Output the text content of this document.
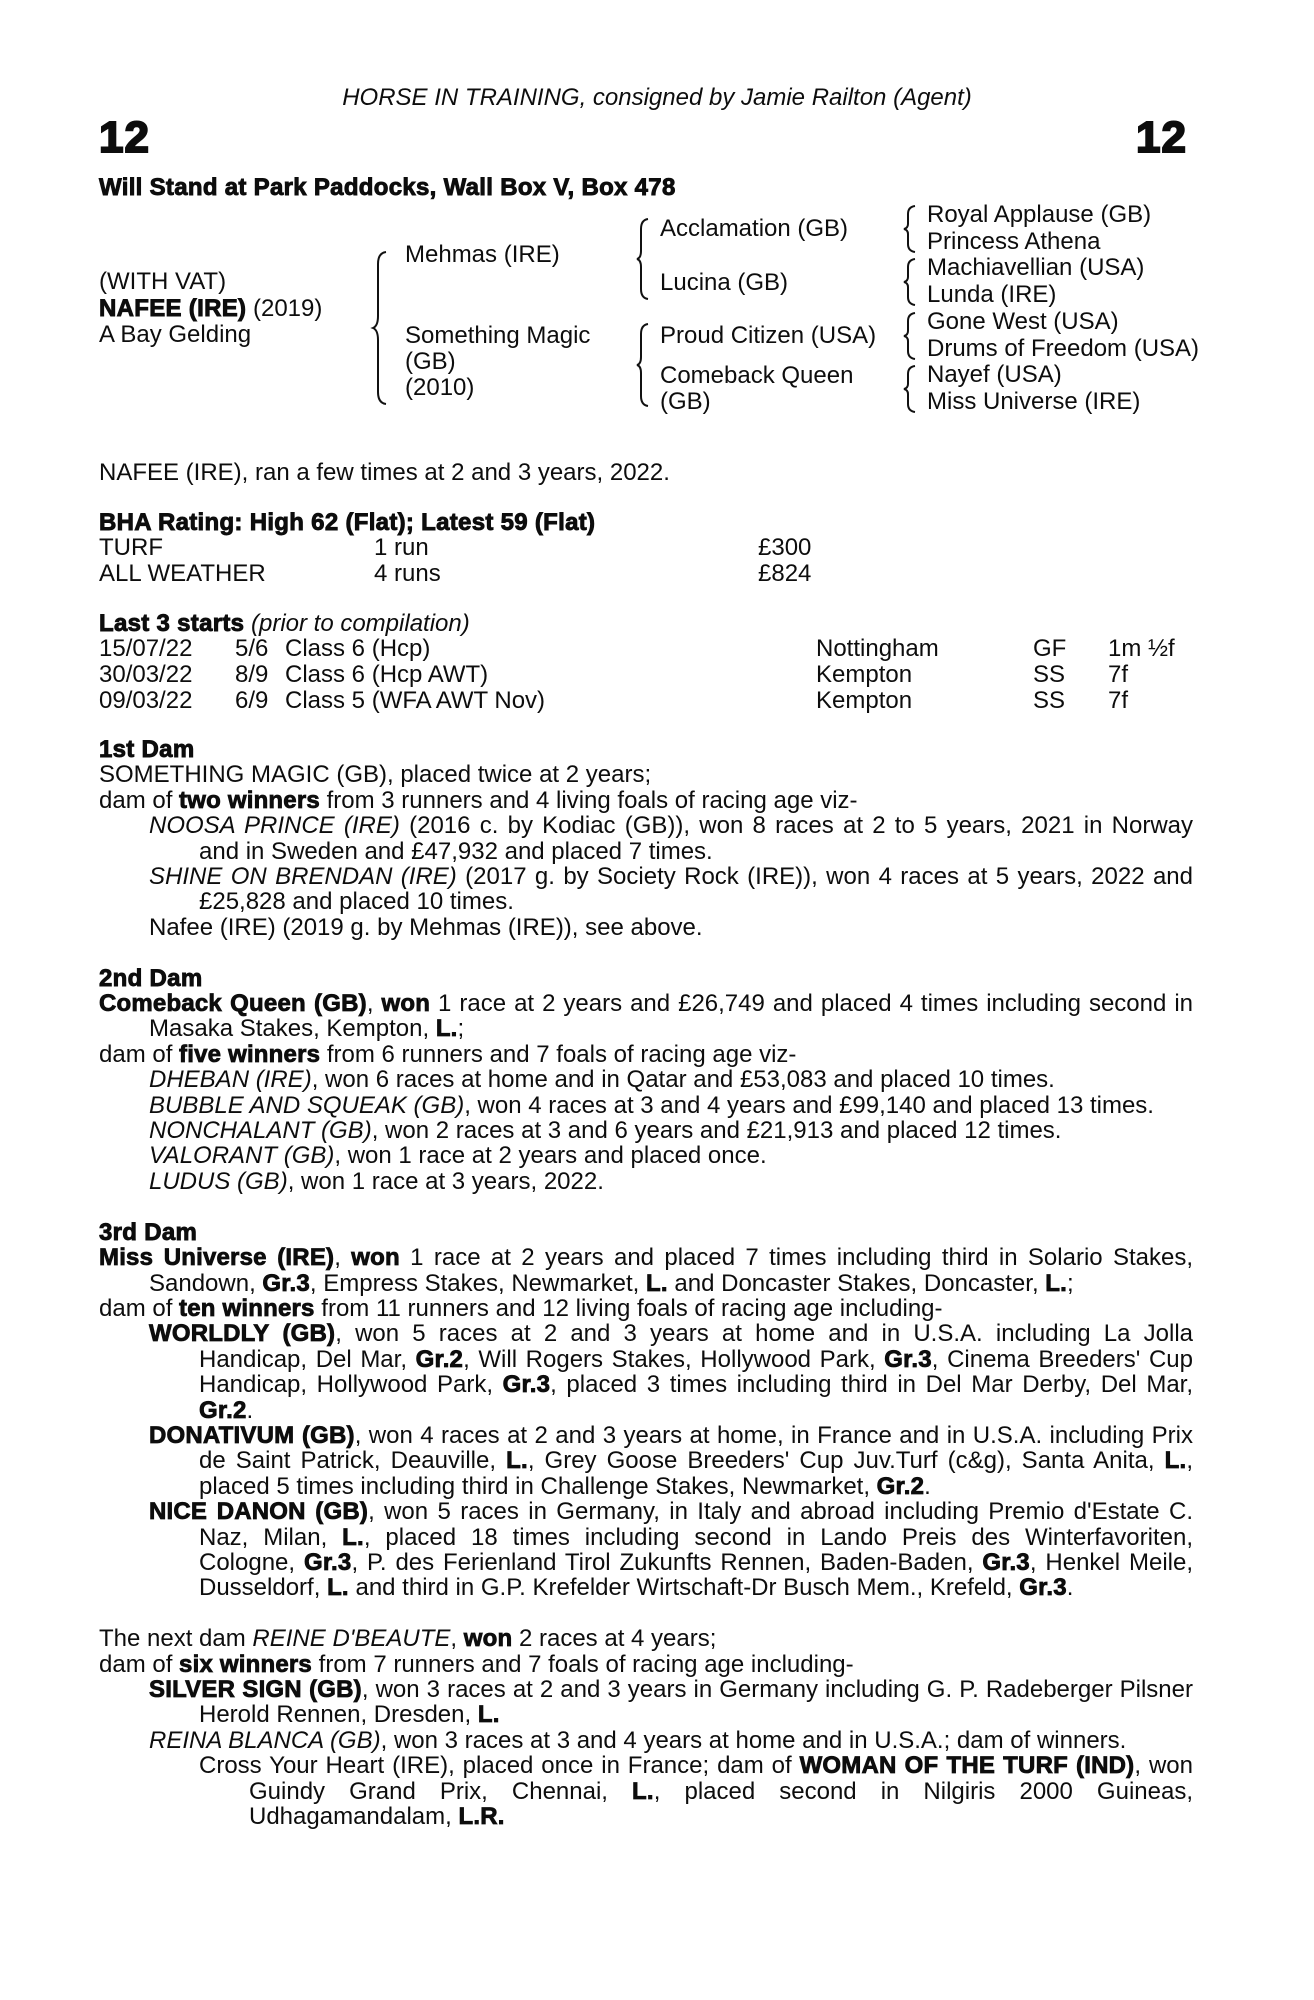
HORSE IN TRAINING, consigned by Jamie Railton (Agent)
12	12
Will Stand at Park Paddocks, Wall Box V, Box 478
(WITH VAT)
NAFEE (IRE) (2019)
A Bay Gelding
Mehmas (IRE)
Something Magic
(GB)
(2010)
Acclamation (GB)
Lucina (GB)
Proud Citizen (USA)
Comeback Queen
(GB)
Royal Applause (GB)
Princess Athena
Machiavellian (USA)
Lunda (IRE)
Gone West (USA)
Drums of Freedom (USA)
Nayef (USA)
Miss Universe (IRE)
NAFEE (IRE), ran a few times at 2 and 3 years, 2022.
BHA Rating: High 62 (Flat); Latest 59 (Flat)
TURF	1 run	£300
ALL WEATHER	4 runs	£824
Last 3 starts (prior to compilation)
15/07/22 5/6 Class 6 (Hcp)	Nottingham	GF 1m ½f
30/03/22 8/9 Class 6 (Hcp AWT)	Kempton	SS 7f
09/03/22 6/9 Class 5 (WFA AWT Nov)	Kempton	SS 7f
1st Dam

SOMETHING MAGIC (GB), placed twice at 2 years;

dam of two winners from 3 runners and 4 living foals of racing age viz-

NOOSA PRINCE (IRE) (2016 c. by Kodiac (GB)), won 8 races at 2 to 5 years, 2021 in Norway and in Sweden and £47,932 and placed 7 times.

SHINE ON BRENDAN (IRE) (2017 g. by Society Rock (IRE)), won 4 races at 5 years, 2022 and £25,828 and placed 10 times.

Nafee (IRE) (2019 g. by Mehmas (IRE)), see above.

2nd Dam

Comeback Queen (GB), won 1 race at 2 years and £26,749 and placed 4 times including second in Masaka Stakes, Kempton, L.;

dam of five winners from 6 runners and 7 foals of racing age viz-

DHEBAN (IRE), won 6 races at home and in Qatar and £53,083 and placed 10 times.

BUBBLE AND SQUEAK (GB), won 4 races at 3 and 4 years and £99,140 and placed 13 times.

NONCHALANT (GB), won 2 races at 3 and 6 years and £21,913 and placed 12 times.

VALORANT (GB), won 1 race at 2 years and placed once.

LUDUS (GB), won 1 race at 3 years, 2022.

3rd Dam

Miss Universe (IRE), won 1 race at 2 years and placed 7 times including third in Solario Stakes, Sandown, Gr.3, Empress Stakes, Newmarket, L. and Doncaster Stakes, Doncaster, L.;

dam of ten winners from 11 runners and 12 living foals of racing age including-

WORLDLY (GB), won 5 races at 2 and 3 years at home and in U.S.A. including La Jolla Handicap, Del Mar, Gr.2, Will Rogers Stakes, Hollywood Park, Gr.3, Cinema Breeders' Cup Handicap, Hollywood Park, Gr.3, placed 3 times including third in Del Mar Derby, Del Mar, Gr.2.

DONATIVUM (GB), won 4 races at 2 and 3 years at home, in France and in U.S.A. including Prix de Saint Patrick, Deauville, L., Grey Goose Breeders' Cup Juv.Turf (c&g), Santa Anita, L., placed 5 times including third in Challenge Stakes, Newmarket, Gr.2.

NICE DANON (GB), won 5 races in Germany, in Italy and abroad including Premio d'Estate C. Naz, Milan, L., placed 18 times including second in Lando Preis des Winterfavoriten, Cologne, Gr.3, P. des Ferienland Tirol Zukunfts Rennen, Baden-Baden, Gr.3, Henkel Meile, Dusseldorf, L. and third in G.P. Krefelder Wirtschaft-Dr Busch Mem., Krefeld, Gr.3.

The next dam REINE D'BEAUTE, won 2 races at 4 years;

dam of six winners from 7 runners and 7 foals of racing age including-

SILVER SIGN (GB), won 3 races at 2 and 3 years in Germany including G. P. Radeberger Pilsner Herold Rennen, Dresden, L.

REINA BLANCA (GB), won 3 races at 3 and 4 years at home and in U.S.A.; dam of winners.

Cross Your Heart (IRE), placed once in France; dam of WOMAN OF THE TURF (IND), won Guindy Grand Prix, Chennai, L., placed second in Nilgiris 2000 Guineas, Udhagamandalam, L.R.
